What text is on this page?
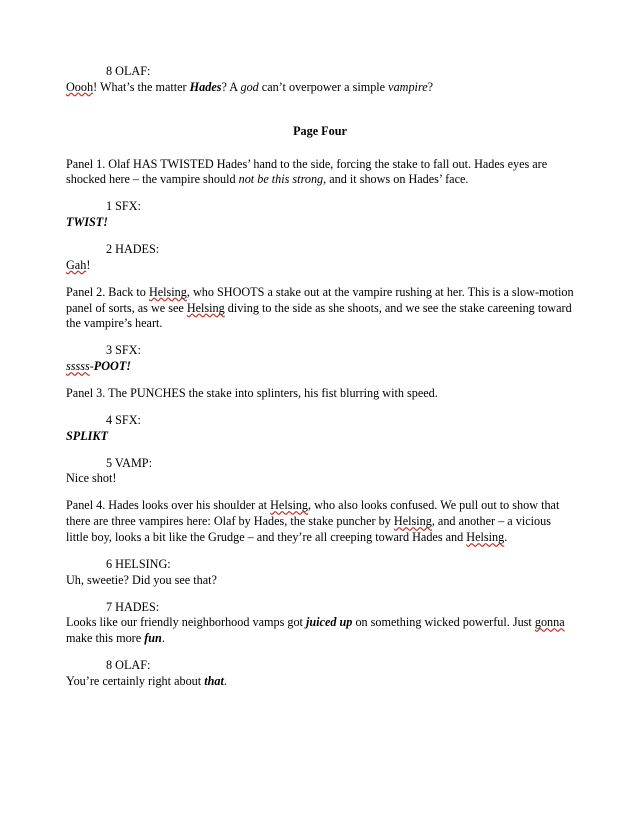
8 OLAF:

Oooh! What’s the matter Hades? A god can’t overpower a simple vampire?

Page Four

Panel 1. Olaf HAS TWISTED Hades’ hand to the side, forcing the stake to fall out. Hades eyes are shocked here – the vampire should not be this strong, and it shows on Hades’ face.

1 SFX:

TWIST!

2 HADES:

Gah!

Panel 2. Back to Helsing, who SHOOTS a stake out at the vampire rushing at her. This is a slow-motion panel of sorts, as we see Helsing diving to the side as she shoots, and we see the stake careening toward the vampire’s heart.

3 SFX:

sssss-POOT!

Panel 3. The PUNCHES the stake into splinters, his fist blurring with speed.

4 SFX:

SPLIKT

5 VAMP:

Nice shot!

Panel 4. Hades looks over his shoulder at Helsing, who also looks confused. We pull out to show that there are three vampires here: Olaf by Hades, the stake puncher by Helsing, and another – a vicious little boy, looks a bit like the Grudge – and they’re all creeping toward Hades and Helsing.

6 HELSING:

Uh, sweetie? Did you see that?

7 HADES:

Looks like our friendly neighborhood vamps got juiced up on something wicked powerful. Just gonna make this more fun.

8 OLAF:

You’re certainly right about that.
